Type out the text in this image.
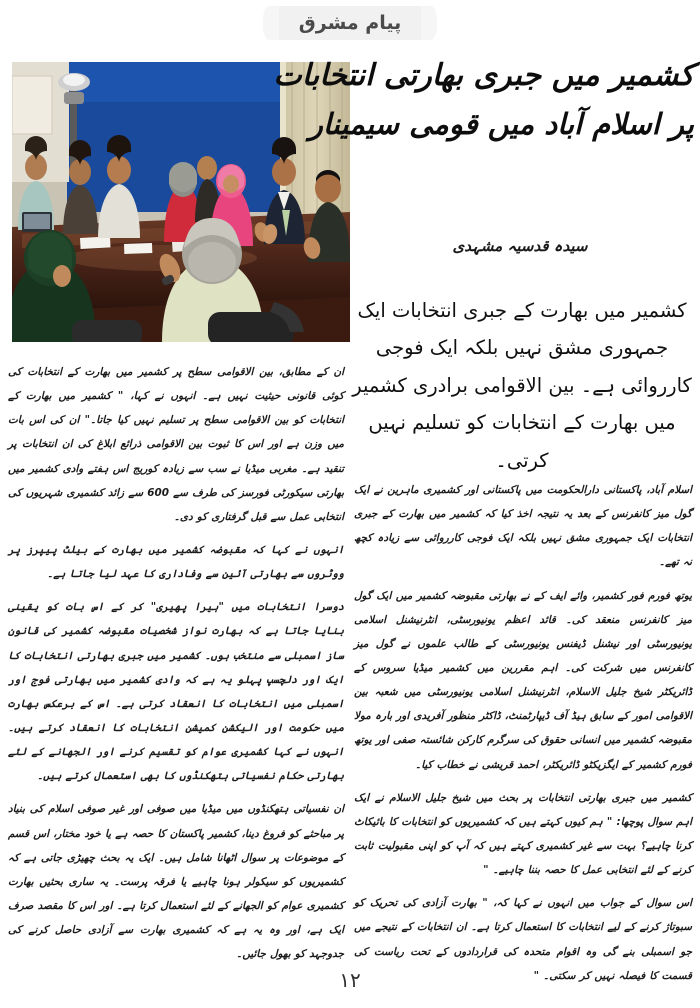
پیام مشرق
کشمیر میں جبری بھارتی انتخابات
پر اسلام آباد میں قومی سیمینار
سیدہ قدسیہ مشہدی
کشمیر میں بھارت کے جبری انتخابات ایک جمہوری مشق نہیں بلکہ ایک فوجی کارروائی ہے۔ بین الاقوامی برادری کشمیر میں بھارت کے انتخابات کو تسلیم نہیں کرتی۔

اسلام آباد، پاکستانی دارالحکومت میں پاکستانی اور کشمیری ماہرین نے ایک گول میز کانفرنس کے بعد یہ نتیجہ اخذ کیا کہ کشمیر میں بھارت کے جبری انتخابات ایک جمہوری مشق نہیں بلکہ ایک فوجی کارروائی سے زیادہ کچھ نہ تھے۔

یوتھ فورم فور کشمیر، وائے ایف کے نے بھارتی مقبوضہ کشمیر میں ایک گول میز کانفرنس منعقد کی۔ قائد اعظم یونیورسٹی، انٹرنیشنل اسلامی یونیورسٹی اور نیشنل ڈیفنس یونیورسٹی کے طالب علموں نے گول میز کانفرنس میں شرکت کی۔ اہم مقررین میں کشمیر میڈیا سروس کے ڈائریکٹر شیخ جلیل الاسلام، انٹرنیشنل اسلامی یونیورسٹی میں شعبہ بین الاقوامی امور کے سابق ہیڈ آف ڈیپارٹمنٹ، ڈاکٹر منظور آفریدی اور بارہ مولا مقبوضہ کشمیر میں انسانی حقوق کی سرگرم کارکن شائستہ صفی اور یوتھ فورم کشمیر کے ایگزیکٹو ڈائریکٹر، احمد قریشی نے خطاب کیا۔

کشمیر میں جبری بھارتی انتخابات پر بحث میں شیخ جلیل الاسلام نے ایک اہم سوال پوچھا: " ہم کیوں کہتے ہیں کہ کشمیریوں کو انتخابات کا بائیکاٹ کرنا چاہیے؟ بہت سے غیر کشمیری کہتے ہیں کہ آپ کو اپنی مقبولیت ثابت کرنے کے لئے انتخابی عمل کا حصہ بننا چاہیے۔ "

اس سوال کے جواب میں انہوں نے کہا کہ، " بھارت آزادی کی تحریک کو سبوتاژ کرنے کے لیے انتخابات کا استعمال کرتا ہے۔ ان انتخابات کے نتیجے میں جو اسمبلی بنے گی وہ اقوام متحدہ کی قراردادوں کے تحت ریاست کی قسمت کا فیصلہ نہیں کر سکتی۔ "

ان کے مطابق، بین الاقوامی سطح پر کشمیر میں بھارت کے انتخابات کی کوئی قانونی حیثیت نہیں ہے۔ انہوں نے کہا، " کشمیر میں بھارت کے انتخابات کو بین الاقوامی سطح پر تسلیم نہیں کیا جاتا۔" ان کی اس بات میں وزن ہے اور اس کا ثبوت بین الاقوامی ذرائع ابلاغ کی ان انتخابات پر تنقید ہے۔ مغربی میڈیا نے سب سے زیادہ کوریج اس ہفتے وادی کشمیر میں بھارتی سیکورٹی فورسز کی طرف سے 600 سے زائد کشمیری شہریوں کی انتخابی عمل سے قبل گرفتاری کو دی۔

انہوں نے کہا کہ مقبوضہ کشمیر میں بھارت کے بیلٹ پیپرز پر ووٹروں سے بھارتی آئین سے وفاداری کا عہد لیا جاتا ہے۔

دوسرا انتخابات میں "ہیرا پھیری" کر کے اس بات کو یقینی بنایا جاتا ہے کہ بھارت نواز شخصیات مقبوضہ کشمیر کی قانون ساز اسمبلی سے منتخب ہوں۔ کشمیر میں جبری بھارتی انتخابات کا ایک اور دلچسپ پہلو یہ ہے کہ وادی کشمیر میں بھارتی فوج اور اسمبلی میں انتخابات کا انعقاد کرتی ہے۔ اس کے برعکس بھارت میں حکومت اور الیکشن کمیشن انتخابات کا انعقاد کرتے ہیں۔ انہوں نے کہا کشمیری عوام کو تقسیم کرنے اور الجھانے کے لئے بھارتی حکام نفسیاتی ہتھکنڈوں کا بھی استعمال کرتے ہیں۔

ان نفسیاتی ہتھکنڈوں میں میڈیا میں صوفی اور غیر صوفی اسلام کی بنیاد پر مباحثے کو فروغ دینا، کشمیر پاکستان کا حصہ ہے یا خود مختار، اس قسم کے موضوعات پر سوال اٹھانا شامل ہیں۔ ایک یہ بحث چھیڑی جاتی ہے کہ کشمیریوں کو سیکولر ہونا چاہیے یا فرقہ پرست۔ یہ ساری بحثیں بھارت کشمیری عوام کو الجھانے کے لئے استعمال کرتا ہے۔ اور اس کا مقصد صرف ایک ہے، اور وہ یہ ہے کہ کشمیری بھارت سے آزادی حاصل کرنے کی جدوجہد کو بھول جائیں۔

۱۲
